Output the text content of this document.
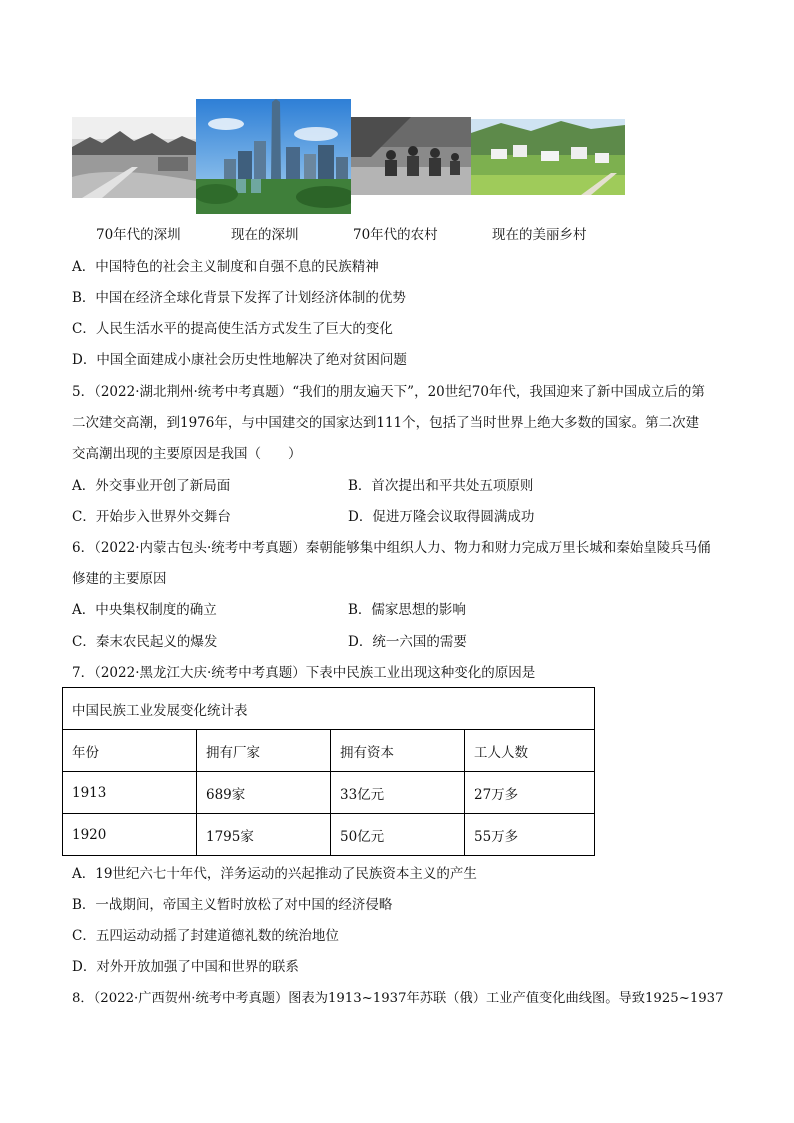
70年代的深圳	现在的深圳	70年代的农村	现在的美丽乡村
A．中国特色的社会主义制度和自强不息的民族精神
B．中国在经济全球化背景下发挥了计划经济体制的优势
C．人民生活水平的提高使生活方式发生了巨大的变化
D．中国全面建成小康社会历史性地解决了绝对贫困问题
5．（2022·湖北荆州·统考中考真题）“我们的朋友遍天下”，20世纪70年代，我国迎来了新中国成立后的第
二次建交高潮，到1976年，与中国建交的国家达到111个，包括了当时世界上绝大多数的国家。第二次建
交高潮出现的主要原因是我国（　　）
A．外交事业开创了新局面	B．首次提出和平共处五项原则
C．开始步入世界外交舞台	D．促进万隆会议取得圆满成功
6．（2022·内蒙古包头·统考中考真题）秦朝能够集中组织人力、物力和财力完成万里长城和秦始皇陵兵马俑
修建的主要原因
A．中央集权制度的确立	B．儒家思想的影响
C．秦末农民起义的爆发	D．统一六国的需要
7．（2022·黑龙江大庆·统考中考真题）下表中民族工业出现这种变化的原因是
中国民族工业发展变化统计表			
年份	拥有厂家	拥有资本	工人人数
1913	689家	33亿元	27万多
1920	1795家	50亿元	55万多
A．19世纪六七十年代，洋务运动的兴起推动了民族资本主义的产生
B．一战期间，帝国主义暂时放松了对中国的经济侵略
C．五四运动动摇了封建道德礼数的统治地位
D．对外开放加强了中国和世界的联系
8．（2022·广西贺州·统考中考真题）图表为1913~1937年苏联（俄）工业产值变化曲线图。导致1925~1937
